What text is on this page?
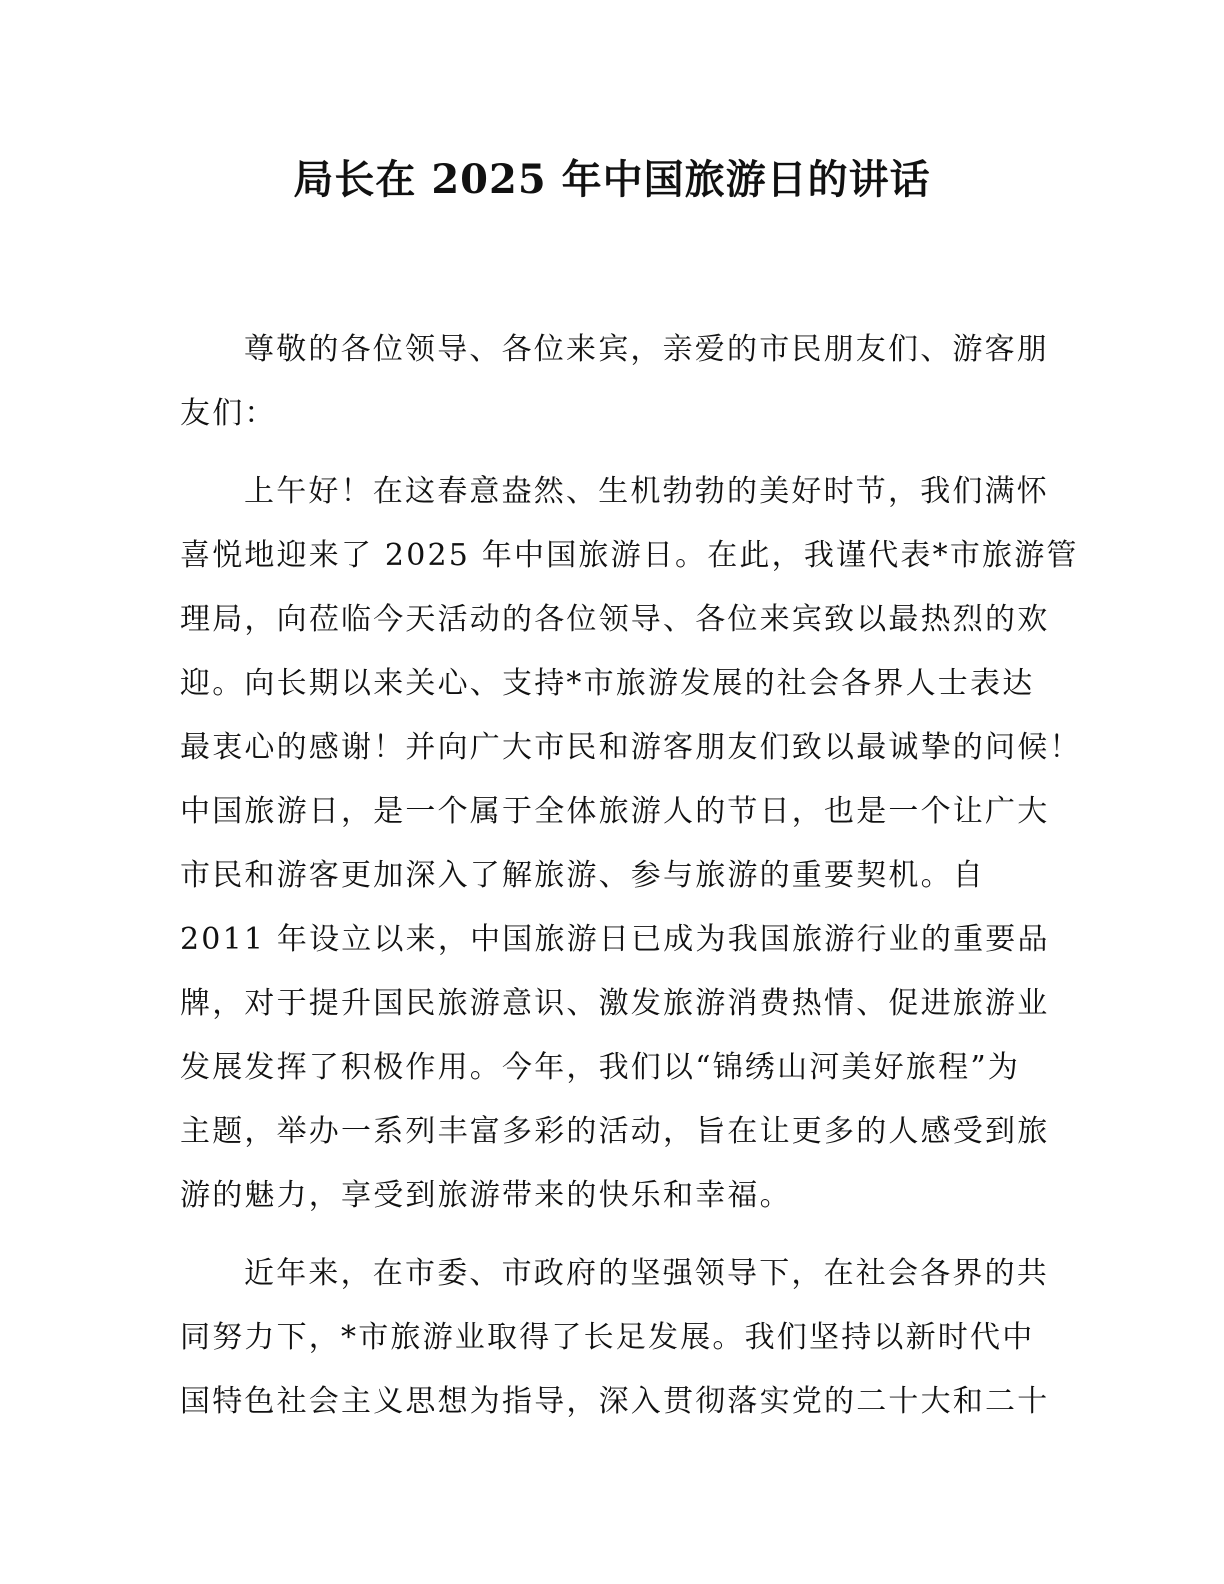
局长在 2025 年中国旅游日的讲话
尊敬的各位领导、各位来宾，亲爱的市民朋友们、游客朋
友们：
上午好！在这春意盎然、生机勃勃的美好时节，我们满怀
喜悦地迎来了 2025 年中国旅游日。在此，我谨代表*市旅游管
理局，向莅临今天活动的各位领导、各位来宾致以最热烈的欢
迎。向长期以来关心、支持*市旅游发展的社会各界人士表达
最衷心的感谢！并向广大市民和游客朋友们致以最诚挚的问候！
中国旅游日，是一个属于全体旅游人的节日，也是一个让广大
市民和游客更加深入了解旅游、参与旅游的重要契机。自
2011 年设立以来，中国旅游日已成为我国旅游行业的重要品
牌，对于提升国民旅游意识、激发旅游消费热情、促进旅游业
发展发挥了积极作用。今年，我们以“锦绣山河美好旅程”为
主题，举办一系列丰富多彩的活动，旨在让更多的人感受到旅
游的魅力，享受到旅游带来的快乐和幸福。
近年来，在市委、市政府的坚强领导下，在社会各界的共
同努力下，*市旅游业取得了长足发展。我们坚持以新时代中
国特色社会主义思想为指导，深入贯彻落实党的二十大和二十
